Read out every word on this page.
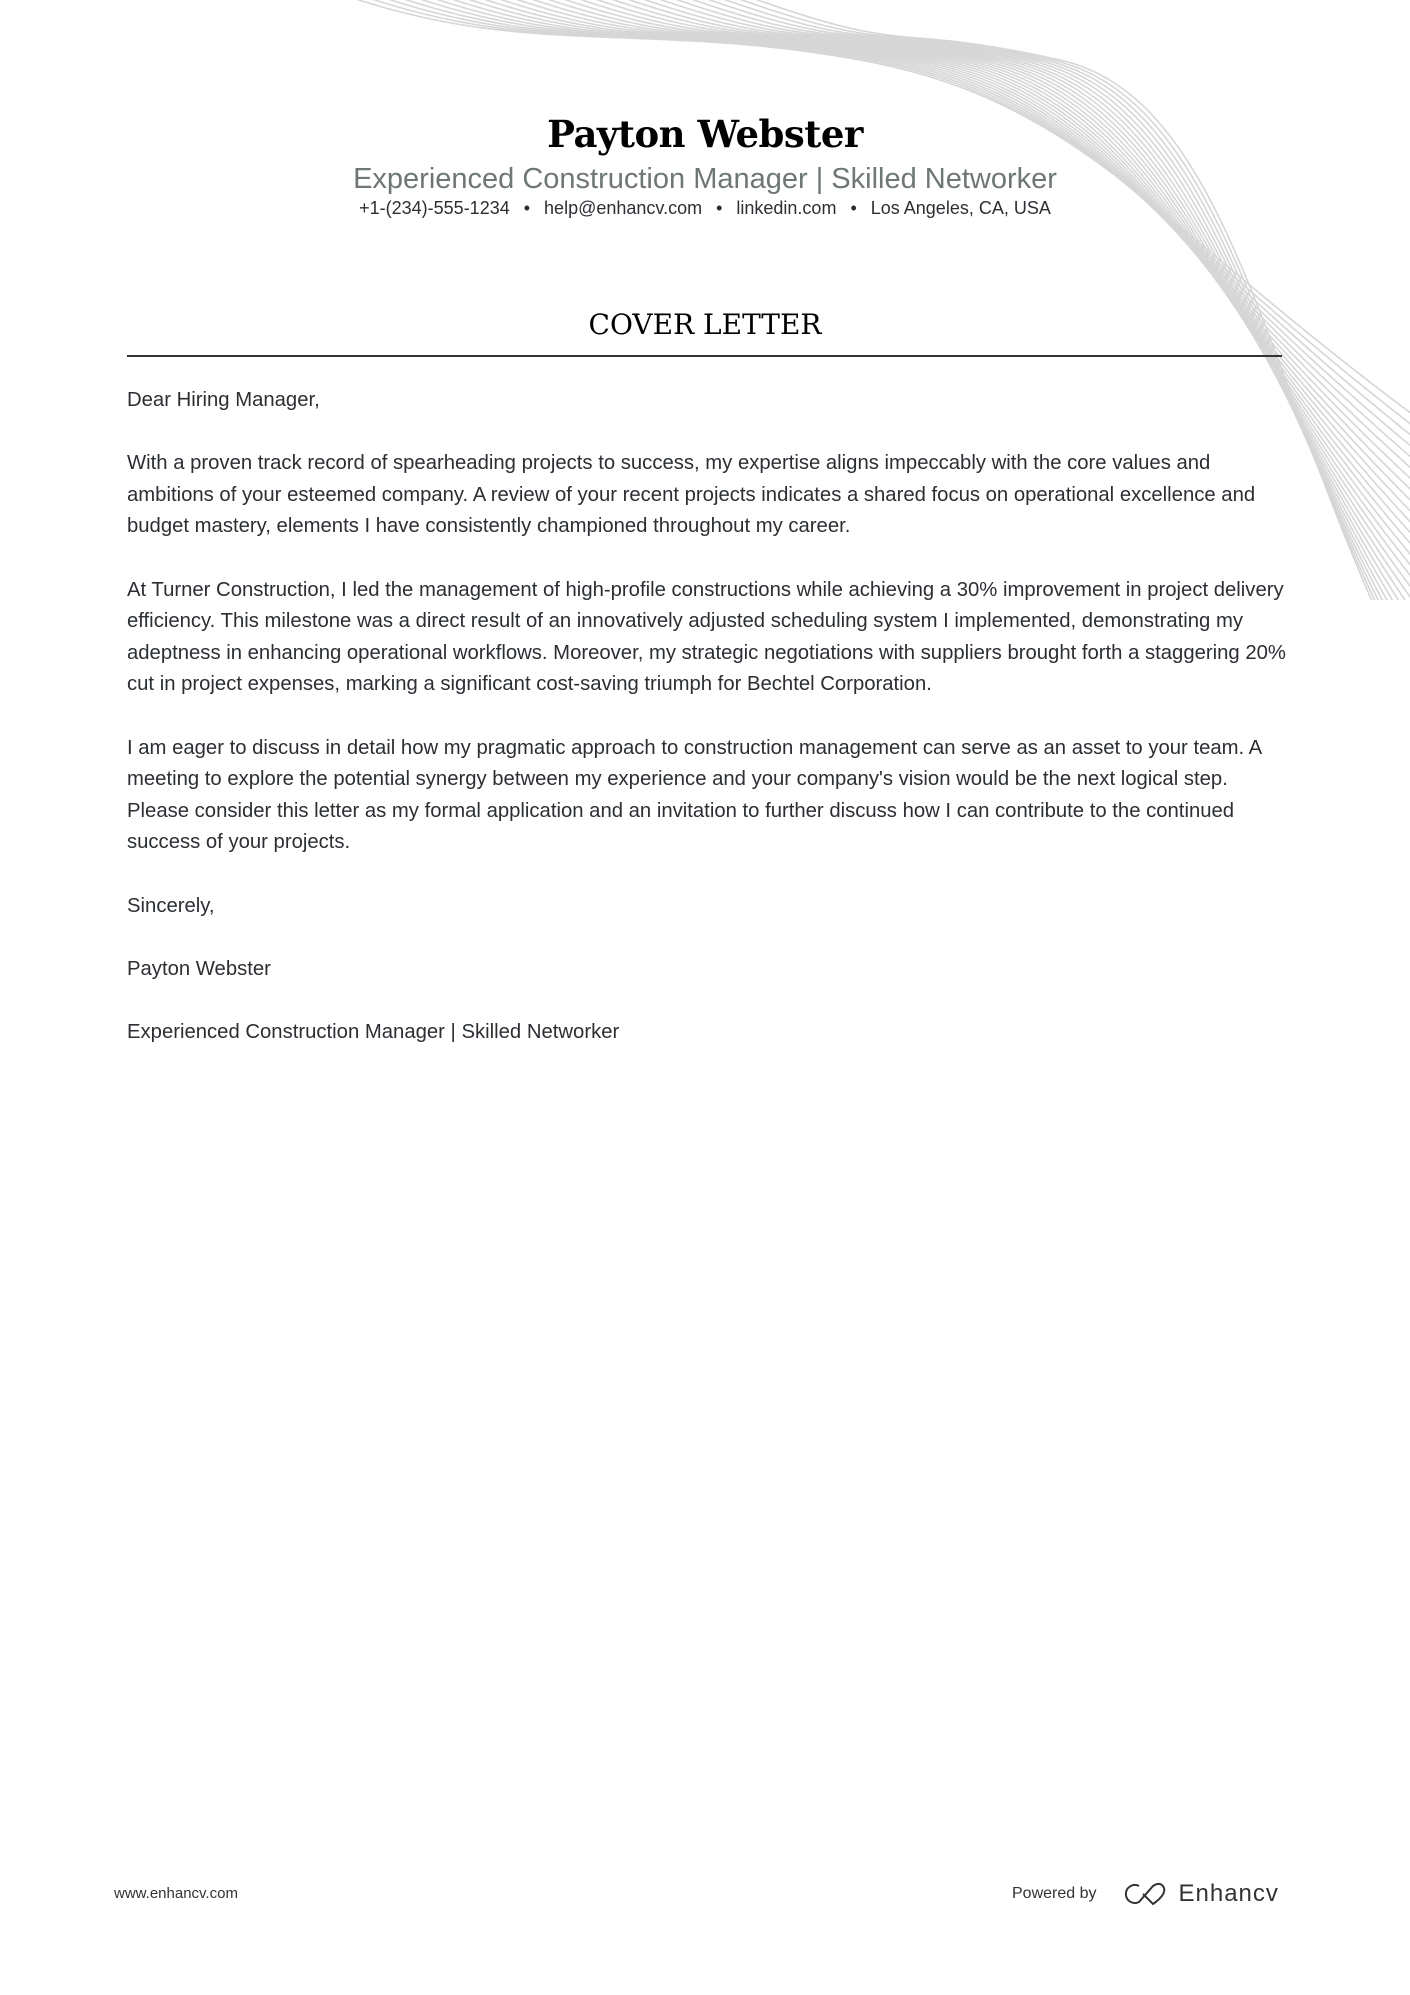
Payton Webster
Experienced Construction Manager | Skilled Networker
+1-(234)-555-1234 • help@enhancv.com • linkedin.com • Los Angeles, CA, USA
COVER LETTER

Dear Hiring Manager,

With a proven track record of spearheading projects to success, my expertise aligns impeccably with the core values and ambitions of your esteemed company. A review of your recent projects indicates a shared focus on operational excellence and budget mastery, elements I have consistently championed throughout my career.

At Turner Construction, I led the management of high-profile constructions while achieving a 30% improvement in project delivery efficiency. This milestone was a direct result of an innovatively adjusted scheduling system I implemented, demonstrating my adeptness in enhancing operational workflows. Moreover, my strategic negotiations with suppliers brought forth a staggering 20% cut in project expenses, marking a significant cost-saving triumph for Bechtel Corporation.

I am eager to discuss in detail how my pragmatic approach to construction management can serve as an asset to your team. A meeting to explore the potential synergy between my experience and your company's vision would be the next logical step. Please consider this letter as my formal application and an invitation to further discuss how I can contribute to the continued success of your projects.

Sincerely,

Payton Webster

Experienced Construction Manager | Skilled Networker

www.enhancv.com	Powered by	Enhancv
